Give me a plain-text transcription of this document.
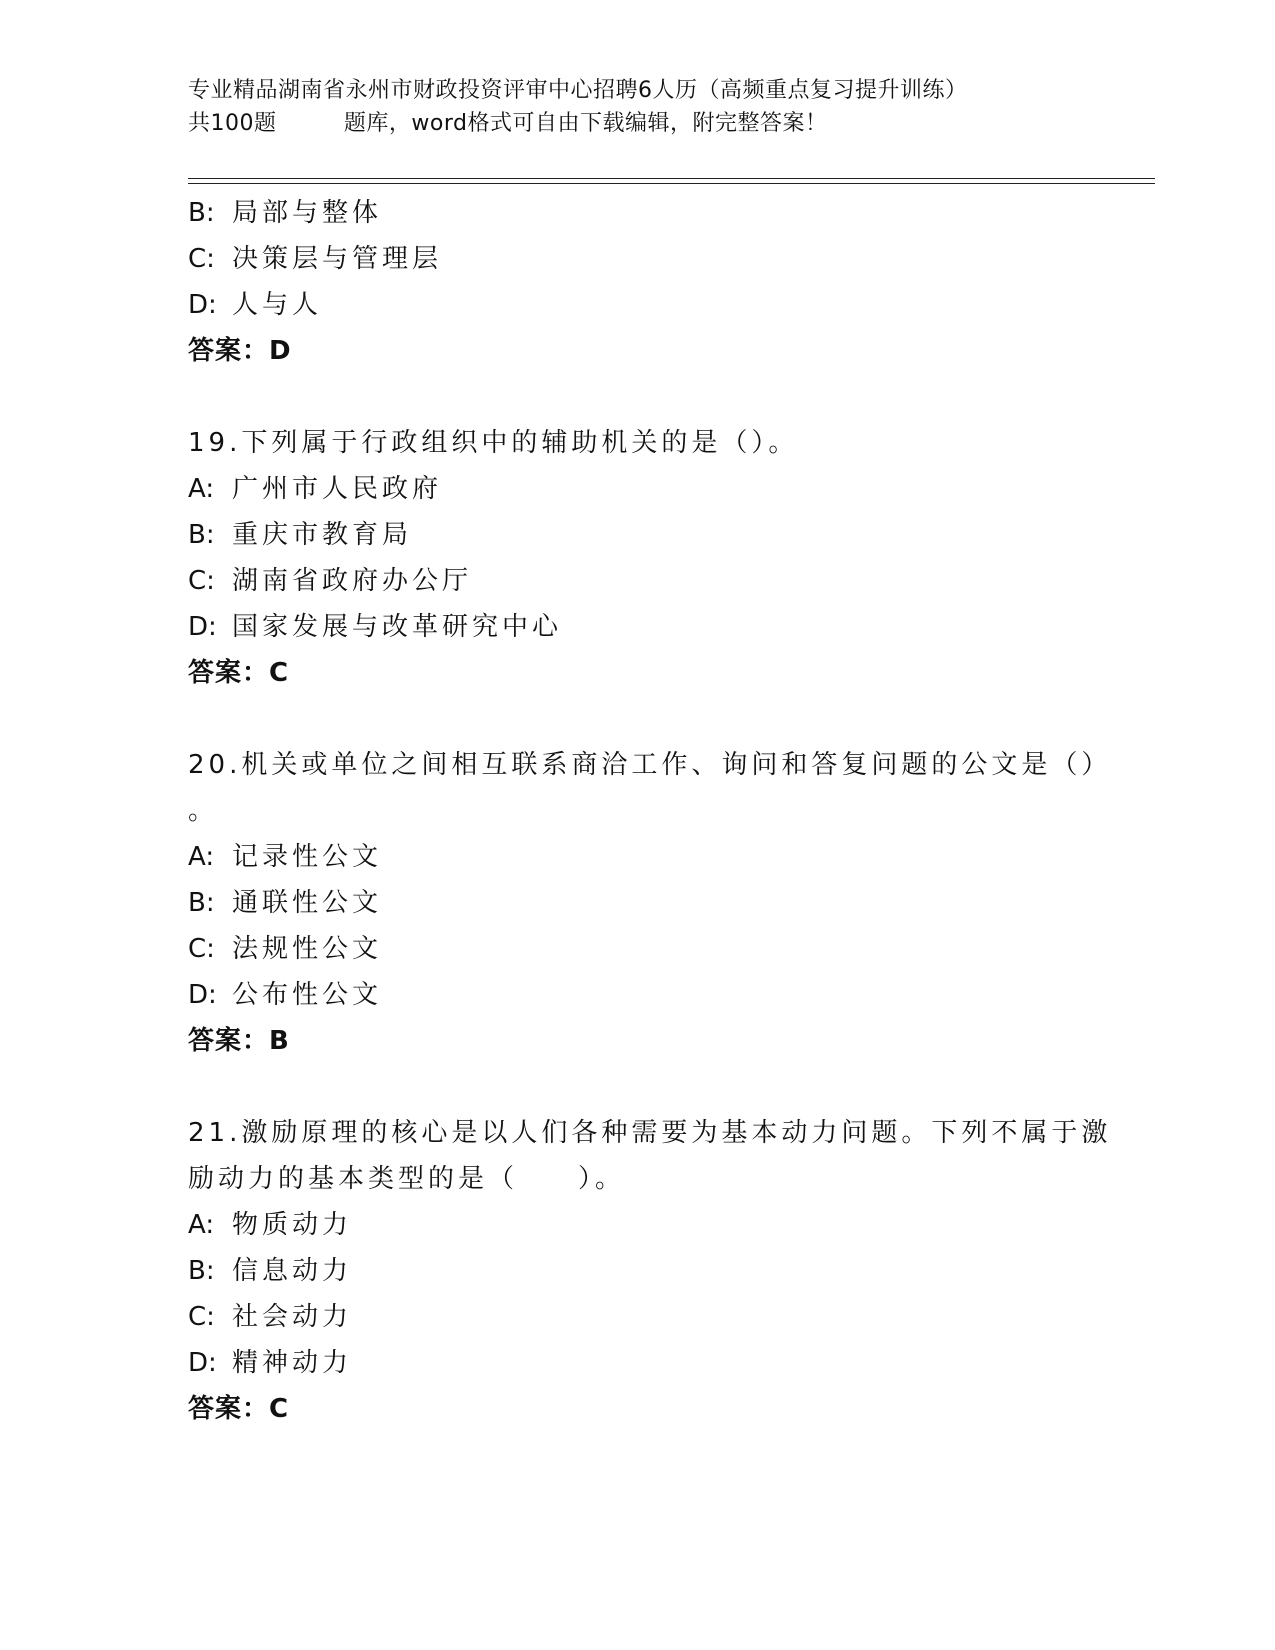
专业精品湖南省永州市财政投资评审中心招聘6人历（高频重点复习提升训练）
共100题         题库，word格式可自由下载编辑，附完整答案！
B: 局部与整体
C: 决策层与管理层
D: 人与人
答案：D
19.下列属于行政组织中的辅助机关的是（）。
A: 广州市人民政府
B: 重庆市教育局
C: 湖南省政府办公厅
D: 国家发展与改革研究中心
答案：C
20.机关或单位之间相互联系商洽工作、询问和答复问题的公文是（）
。
A: 记录性公文
B: 通联性公文
C: 法规性公文
D: 公布性公文
答案：B
21.激励原理的核心是以人们各种需要为基本动力问题。下列不属于激
励动力的基本类型的是（　　）。
A: 物质动力
B: 信息动力
C: 社会动力
D: 精神动力
答案：C
